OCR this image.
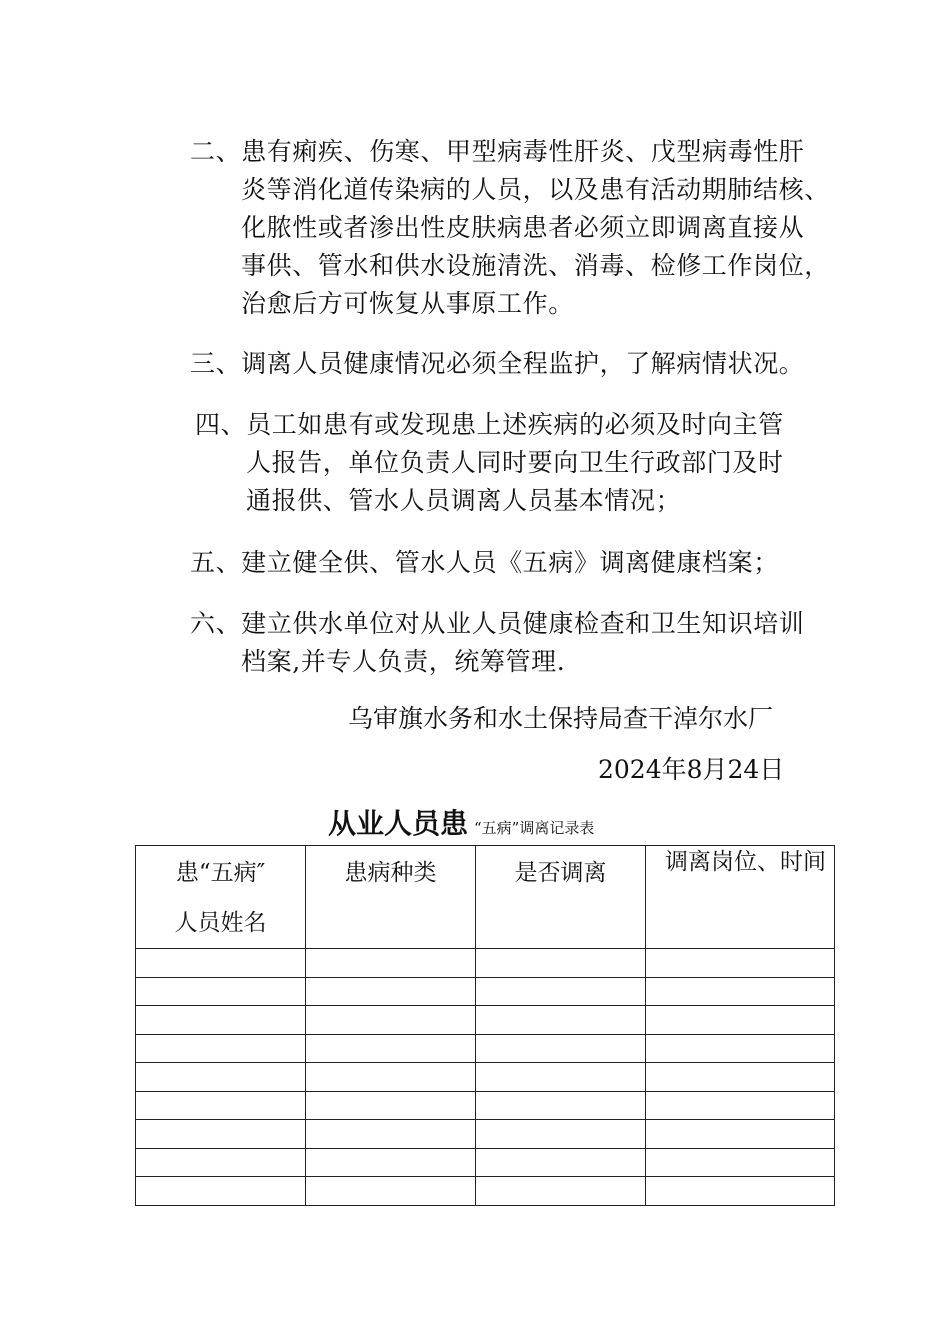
二、患有痢疾、伤寒、甲型病毒性肝炎、戊型病毒性肝
炎等消化道传染病的人员，以及患有活动期肺结核、
化脓性或者渗出性皮肤病患者必须立即调离直接从
事供、管水和供水设施清洗、消毒、检修工作岗位，
治愈后方可恢复从事原工作。
三、调离人员健康情况必须全程监护，了解病情状况。
四、员工如患有或发现患上述疾病的必须及时向主管
人报告，单位负责人同时要向卫生行政部门及时
通报供、管水人员调离人员基本情况；
五、建立健全供、管水人员《五病》调离健康档案；
六、建立供水单位对从业人员健康检查和卫生知识培训
档案,并专人负责，统筹管理.
乌审旗水务和水土保持局查干淖尔水厂
2024年8月24日
从业人员患 “五病”调离记录表
患“五病″
人员姓名	患病种类	是否调离	调离岗位、时间
